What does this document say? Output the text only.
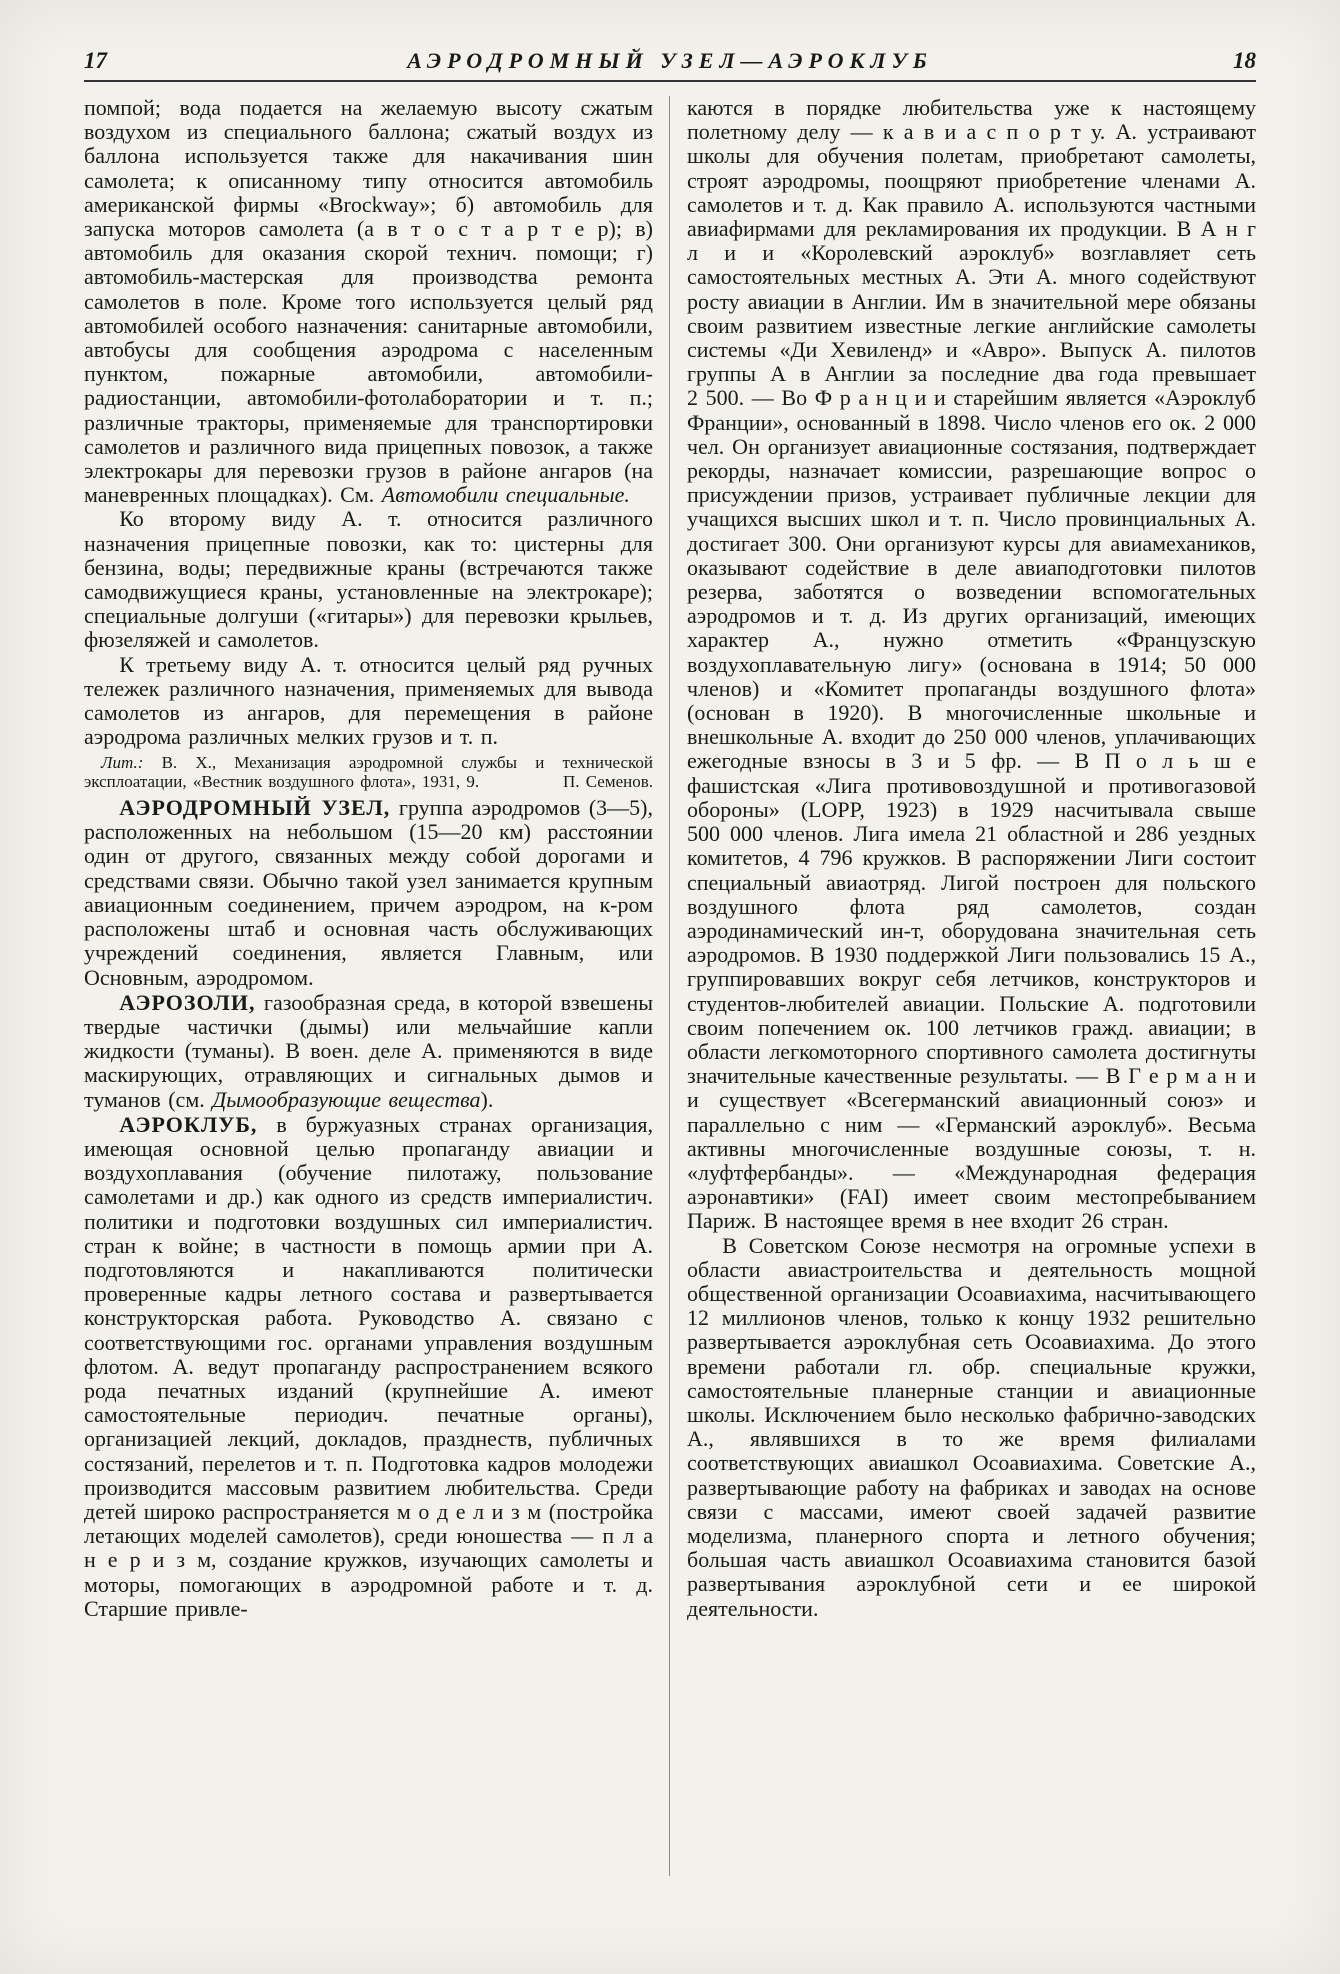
17	АЭРОДРОМНЫЙ УЗЕЛ—АЭРОКЛУБ	18

помпой; вода подается на желаемую высоту сжатым воздухом из специального баллона; сжатый воздух из баллона используется также для накачивания шин самолета; к описанному типу относится автомобиль американской фирмы «Brockway»; б) автомобиль для запуска моторов самолета (а в т о с т а р т е р); в) автомобиль для оказания скорой технич. помощи; г) автомобиль-мастерская для производства ремонта самолетов в поле. Кроме того используется целый ряд автомобилей особого назначения: санитарные автомобили, автобусы для сообщения аэродрома с населенным пунктом, пожарные автомобили, автомобили-радиостанции, автомобили-фотолаборатории и т. п.; различные тракторы, применяемые для транспортировки самолетов и различного вида прицепных повозок, а также электрокары для перевозки грузов в районе ангаров (на маневренных площадках). См. Автомобили специальные.

Ко второму виду А. т. относится различного назначения прицепные повозки, как то: цистерны для бензина, воды; передвижные краны (встречаются также самодвижущиеся краны, установленные на электрокаре); специальные долгуши («гитары») для перевозки крыльев, фюзеляжей и самолетов.

К третьему виду А. т. относится целый ряд ручных тележек различного назначения, применяемых для вывода самолетов из ангаров, для перемещения в районе аэродрома различных мелких грузов и т. п.

Лит.: В. Х., Механизация аэродромной службы и технической эксплоатации, «Вестник воздушного флота», 1931, 9.	П. Семенов.

АЭРОДРОМНЫЙ УЗЕЛ, группа аэродромов (3—5), расположенных на небольшом (15—20 км) расстоянии один от другого, связанных между собой дорогами и средствами связи. Обычно такой узел занимается крупным авиационным соединением, причем аэродром, на к-ром расположены штаб и основная часть обслуживающих учреждений соединения, является Главным, или Основным, аэродромом.

АЭРОЗОЛИ, газообразная среда, в которой взвешены твердые частички (дымы) или мельчайшие капли жидкости (туманы). В воен. деле А. применяются в виде маскирующих, отравляющих и сигнальных дымов и туманов (см. Дымообразующие вещества).

АЭРОКЛУБ, в буржуазных странах организация, имеющая основной целью пропаганду авиации и воздухоплавания (обучение пилотажу, пользование самолетами и др.) как одного из средств империалистич. политики и подготовки воздушных сил империалистич. стран к войне; в частности в помощь армии при А. подготовляются и накапливаются политически проверенные кадры летного состава и развертывается конструкторская работа. Руководство А. связано с соответствующими гос. органами управления воздушным флотом. А. ведут пропаганду распространением всякого рода печатных изданий (крупнейшие А. имеют самостоятельные периодич. печатные органы), организацией лекций, докладов, празднеств, публичных состязаний, перелетов и т. п. Подготовка кадров молодежи производится массовым развитием любительства. Среди детей широко распространяется м о д е л и з м (постройка летающих моделей самолетов), среди юношества — п л а н е р и з м, создание кружков, изучающих самолеты и моторы, помогающих в аэродромной работе и т. д. Старшие привле-

каются в порядке любительства уже к настоящему полетному делу — к а в и а с п о р т у. А. устраивают школы для обучения полетам, приобретают самолеты, строят аэродромы, поощряют приобретение членами А. самолетов и т. д. Как правило А. используются частными авиафирмами для рекламирования их продукции. В А н г л и и «Королевский аэроклуб» возглавляет сеть самостоятельных местных А. Эти А. много содействуют росту авиации в Англии. Им в значительной мере обязаны своим развитием известные легкие английские самолеты системы «Ди Хевиленд» и «Авро». Выпуск А. пилотов группы А в Англии за последние два года превышает 2 500. — Во Ф р а н ц и и старейшим является «Аэроклуб Франции», основанный в 1898. Число членов его ок. 2 000 чел. Он организует авиационные состязания, подтверждает рекорды, назначает комиссии, разрешающие вопрос о присуждении призов, устраивает публичные лекции для учащихся высших школ и т. п. Число провинциальных А. достигает 300. Они организуют курсы для авиамехаников, оказывают содействие в деле авиаподготовки пилотов резерва, заботятся о возведении вспомогательных аэродромов и т. д. Из других организаций, имеющих характер А., нужно отметить «Французскую воздухоплавательную лигу» (основана в 1914; 50 000 членов) и «Комитет пропаганды воздушного флота» (основан в 1920). В многочисленные школьные и внешкольные А. входит до 250 000 членов, уплачивающих ежегодные взносы в 3 и 5 фр. — В П о л ь ш е фашистская «Лига противовоздушной и противогазовой обороны» (LOPP, 1923) в 1929 насчитывала свыше 500 000 членов. Лига имела 21 областной и 286 уездных комитетов, 4 796 кружков. В распоряжении Лиги состоит специальный авиаотряд. Лигой построен для польского воздушного флота ряд самолетов, создан аэродинамический ин-т, оборудована значительная сеть аэродромов. В 1930 поддержкой Лиги пользовались 15 А., группировавших вокруг себя летчиков, конструкторов и студентов-любителей авиации. Польские А. подготовили своим попечением ок. 100 летчиков гражд. авиации; в области легкомоторного спортивного самолета достигнуты значительные качественные результаты. — В Г е р м а н и и существует «Всегерманский авиационный союз» и параллельно с ним — «Германский аэроклуб». Весьма активны многочисленные воздушные союзы, т. н. «луфтфербанды». — «Международная федерация аэронавтики» (FAI) имеет своим местопребыванием Париж. В настоящее время в нее входит 26 стран.

В Советском Союзе несмотря на огромные успехи в области авиастроительства и деятельность мощной общественной организации Осоавиахима, насчитывающего 12 миллионов членов, только к концу 1932 решительно развертывается аэроклубная сеть Осоавиахима. До этого времени работали гл. обр. специальные кружки, самостоятельные планерные станции и авиационные школы. Исключением было несколько фабрично-заводских А., являвшихся в то же время филиалами соответствующих авиашкол Осоавиахима. Советские А., развертывающие работу на фабриках и заводах на основе связи с массами, имеют своей задачей развитие моделизма, планерного спорта и летного обучения; большая часть авиашкол Осоавиахима становится базой развертывания аэроклубной сети и ее широкой деятельности.
